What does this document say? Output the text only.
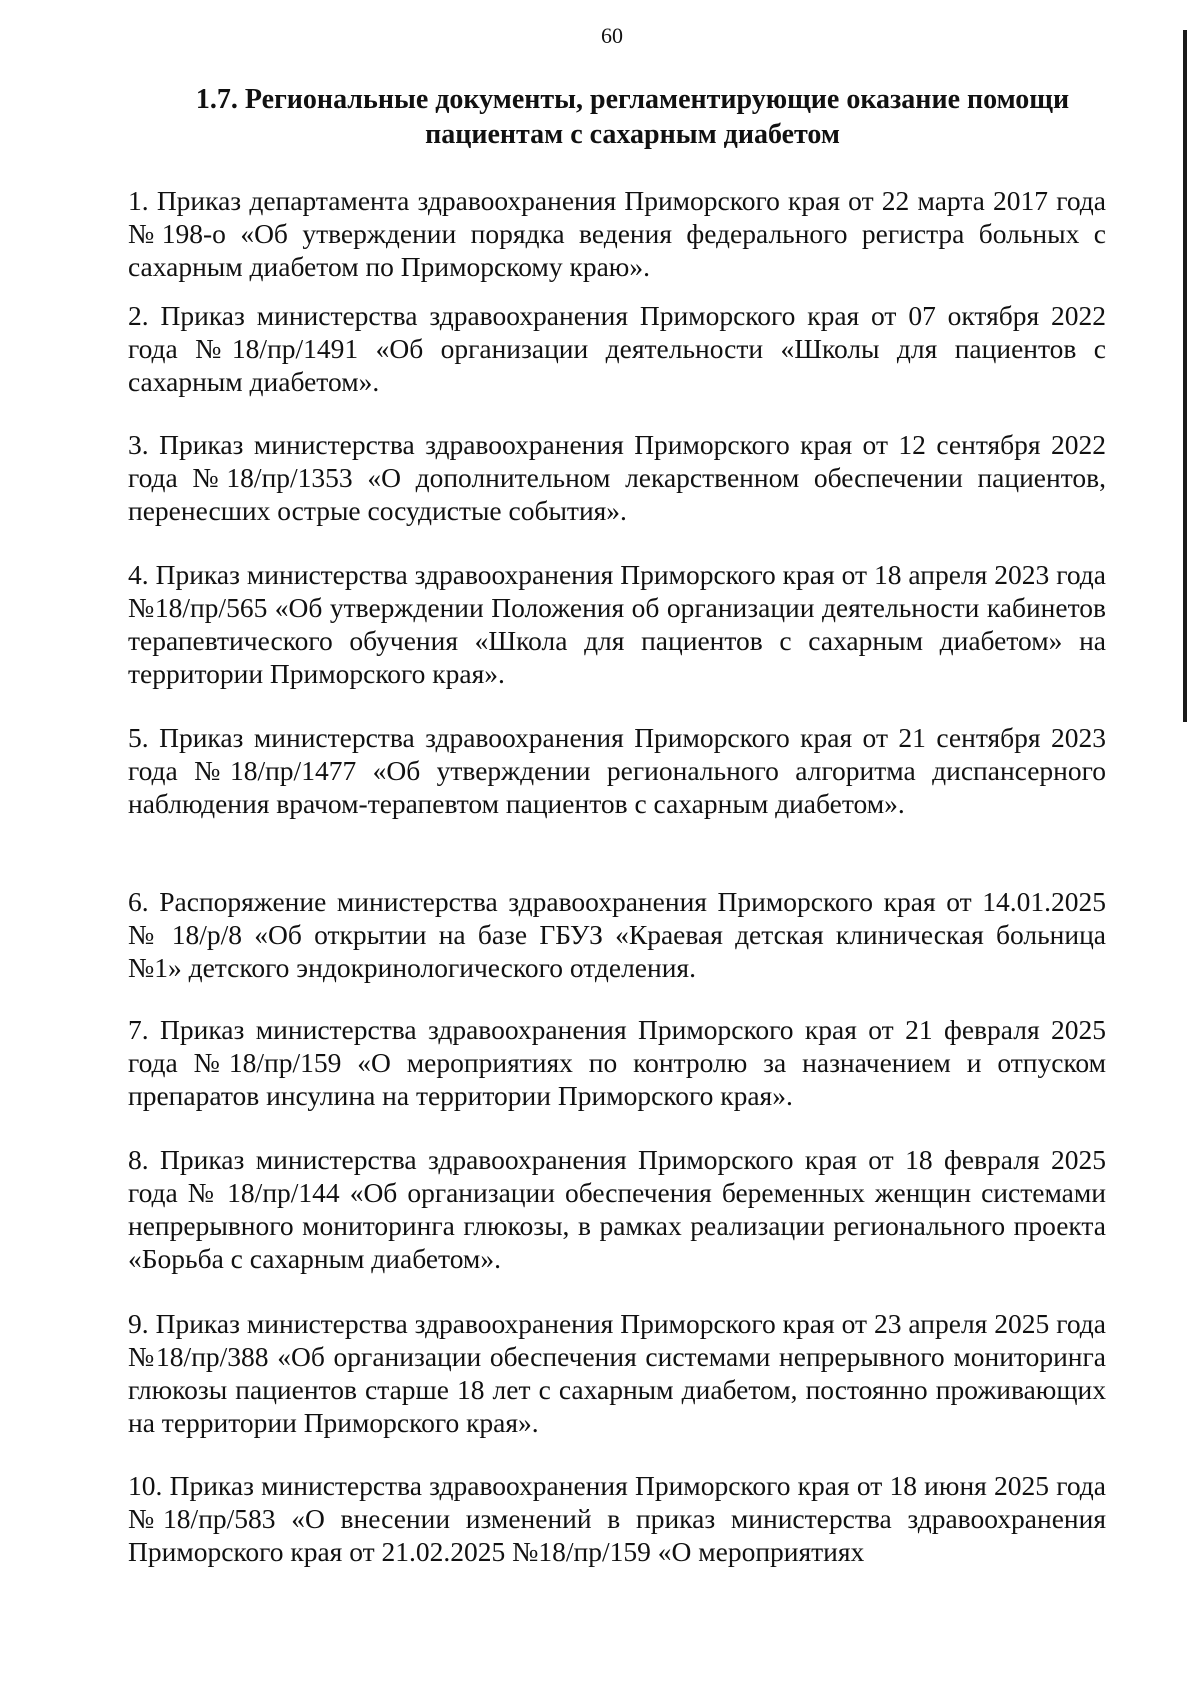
60
1.7. Региональные документы, регламентирующие оказание помощи пациентам с сахарным диабетом

1. Приказ департамента здравоохранения Приморского края от 22 марта 2017 года №198-о «Об утверждении порядка ведения федерального регистра больных с сахарным диабетом по Приморскому краю».

2. Приказ министерства здравоохранения Приморского края от 07 октября 2022 года №18/пр/1491 «Об организации деятельности «Школы для пациентов с сахарным диабетом».

3. Приказ министерства здравоохранения Приморского края от 12 сентября 2022 года №18/пр/1353 «О дополнительном лекарственном обеспечении пациентов, перенесших острые сосудистые события».

4. Приказ министерства здравоохранения Приморского края от 18 апреля 2023 года №18/пр/565 «Об утверждении Положения об организации деятельности кабинетов терапевтического обучения «Школа для пациентов с сахарным диабетом» на территории Приморского края».

5. Приказ министерства здравоохранения Приморского края от 21 сентября 2023 года №18/пр/1477 «Об утверждении регионального алгоритма диспансерного наблюдения врачом-терапевтом пациентов с сахарным диабетом».

6. Распоряжение министерства здравоохранения Приморского края от 14.01.2025 № 18/р/8 «Об открытии на базе ГБУЗ «Краевая детская клиническая больница №1» детского эндокринологического отделения.

7. Приказ министерства здравоохранения Приморского края от 21 февраля 2025 года №18/пр/159 «О мероприятиях по контролю за назначением и отпуском препаратов инсулина на территории Приморского края».

8. Приказ министерства здравоохранения Приморского края от 18 февраля 2025 года № 18/пр/144 «Об организации обеспечения беременных женщин системами непрерывного мониторинга глюкозы, в рамках реализации регионального проекта «Борьба с сахарным диабетом».

9. Приказ министерства здравоохранения Приморского края от 23 апреля 2025 года №18/пр/388 «Об организации обеспечения системами непрерывного мониторинга глюкозы пациентов старше 18 лет с сахарным диабетом, постоянно проживающих на территории Приморского края».

10. Приказ министерства здравоохранения Приморского края от 18 июня 2025 года №18/пр/583 «О внесении изменений в приказ министерства здравоохранения Приморского края от 21.02.2025 №18/пр/159 «О мероприятиях
